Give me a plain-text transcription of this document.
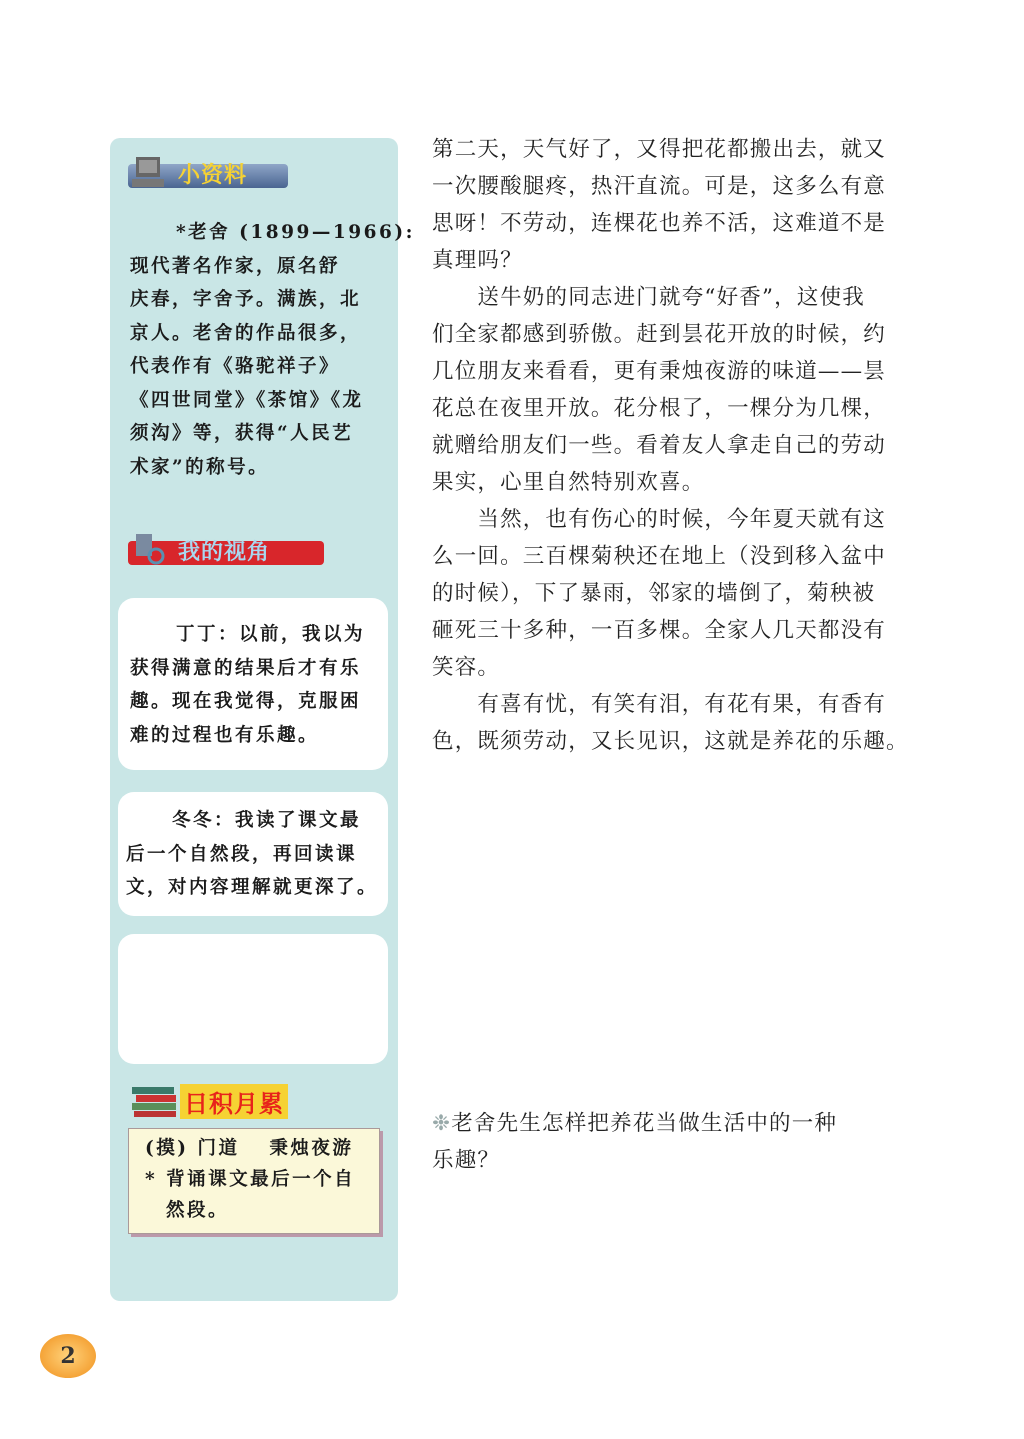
小资料
*老舍 (1899—1966):
现代著名作家，原名舒
庆春，字舍予。满族，北
京人。老舍的作品很多，
代表作有《骆驼祥子》
《四世同堂》《茶馆》《龙
须沟》等，获得“人民艺
术家”的称号。
我的视角
丁丁：以前，我以为
获得满意的结果后才有乐
趣。现在我觉得，克服困
难的过程也有乐趣。
冬冬：我读了课文最
后一个自然段，再回读课
文，对内容理解就更深了。
日积月累
(摸) 门道　 秉烛夜游
* 背诵课文最后一个自
　然段。
第二天，天气好了，又得把花都搬出去，就又
一次腰酸腿疼，热汗直流。可是，这多么有意
思呀！不劳动，连棵花也养不活，这难道不是
真理吗？
　　送牛奶的同志进门就夸“好香”，这使我
们全家都感到骄傲。赶到昙花开放的时候，约
几位朋友来看看，更有秉烛夜游的味道——昙
花总在夜里开放。花分根了，一棵分为几棵，
就赠给朋友们一些。看着友人拿走自己的劳动
果实，心里自然特别欢喜。
　　当然，也有伤心的时候，今年夏天就有这
么一回。三百棵菊秧还在地上（没到移入盆中
的时候），下了暴雨，邻家的墙倒了，菊秧被
砸死三十多种，一百多棵。全家人几天都没有
笑容。
　　有喜有忧，有笑有泪，有花有果，有香有
色，既须劳动，又长见识，这就是养花的乐趣。
❉老舍先生怎样把养花当做生活中的一种
乐趣？
2
